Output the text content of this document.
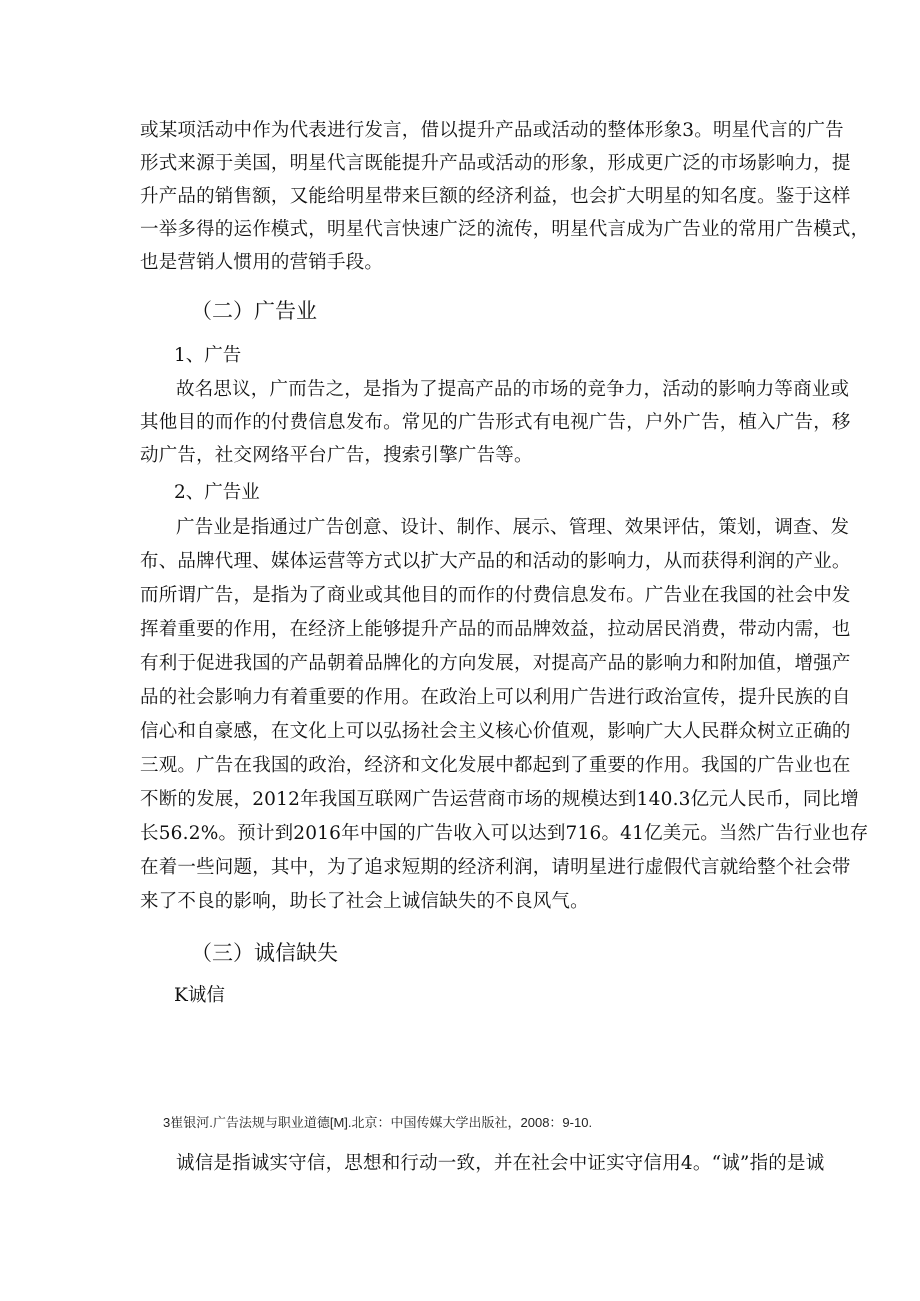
或某项活动中作为代表进行发言，借以提升产品或活动的整体形象3。明星代言的广告
形式来源于美国，明星代言既能提升产品或活动的形象，形成更广泛的市场影响力，提
升产品的销售额，又能给明星带来巨额的经济利益，也会扩大明星的知名度。鉴于这样
一举多得的运作模式，明星代言快速广泛的流传，明星代言成为广告业的常用广告模式，
也是营销人惯用的营销手段。
（二）广告业
1、广告
故名思议，广而告之，是指为了提高产品的市场的竞争力，活动的影响力等商业或
其他目的而作的付费信息发布。常见的广告形式有电视广告，户外广告，植入广告，移
动广告，社交网络平台广告，搜索引擎广告等。
2、广告业
广告业是指通过广告创意、设计、制作、展示、管理、效果评估，策划，调查、发
布、品牌代理、媒体运营等方式以扩大产品的和活动的影响力，从而获得利润的产业。
而所谓广告，是指为了商业或其他目的而作的付费信息发布。广告业在我国的社会中发
挥着重要的作用，在经济上能够提升产品的而品牌效益，拉动居民消费，带动内需，也
有利于促进我国的产品朝着品牌化的方向发展，对提高产品的影响力和附加值，增强产
品的社会影响力有着重要的作用。在政治上可以利用广告进行政治宣传，提升民族的自
信心和自豪感，在文化上可以弘扬社会主义核心价值观，影响广大人民群众树立正确的
三观。广告在我国的政治，经济和文化发展中都起到了重要的作用。我国的广告业也在
不断的发展，2012年我国互联网广告运营商市场的规模达到140.3亿元人民币，同比增
长56.2%。预计到2016年中国的广告收入可以达到716。41亿美元。当然广告行业也存
在着一些问题，其中，为了追求短期的经济利润，请明星进行虚假代言就给整个社会带
来了不良的影响，助长了社会上诚信缺失的不良风气。
（三）诚信缺失
K诚信
3崔银河.广告法规与职业道德[M].北京：中国传媒大学出版社，2008：9-10.
诚信是指诚实守信，思想和行动一致，并在社会中证实守信用4。“诚”指的是诚
